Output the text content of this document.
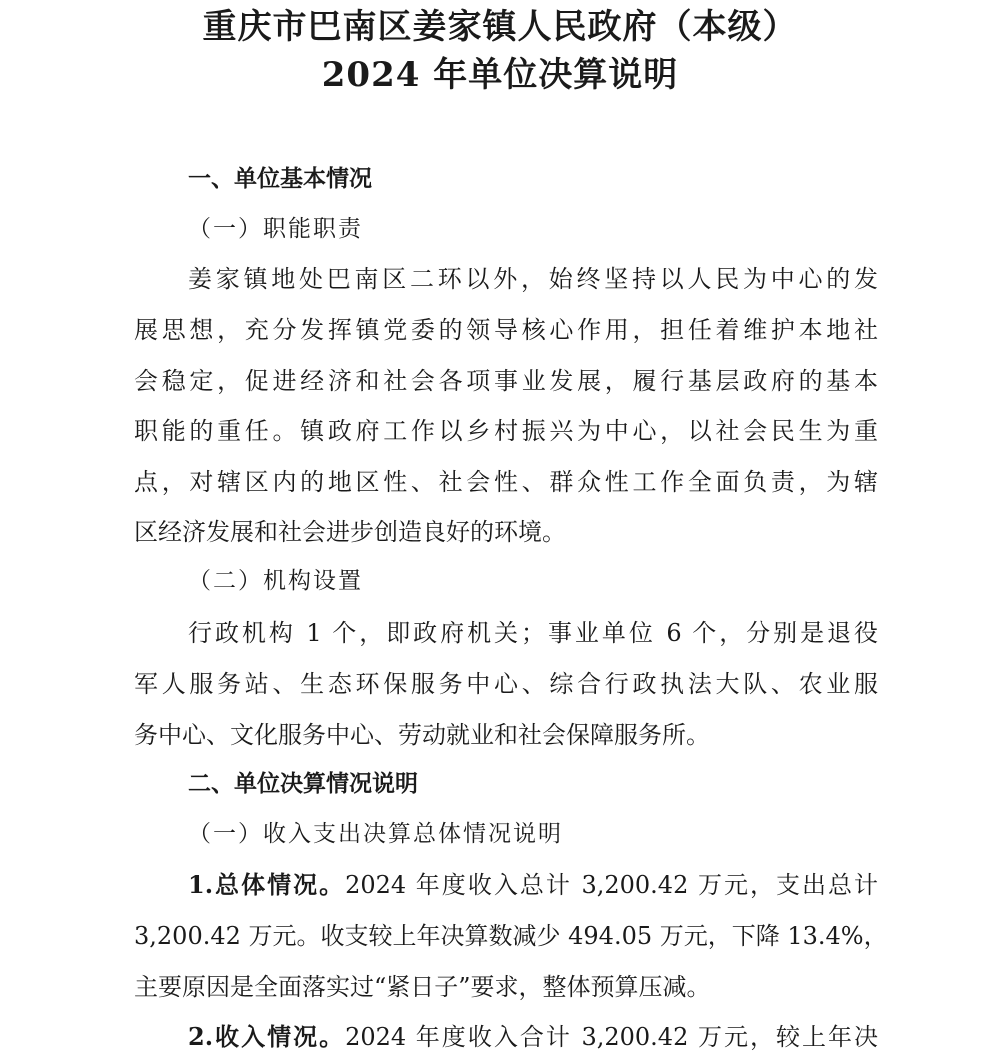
重庆市巴南区姜家镇人民政府（本级）
2024 年单位决算说明
一、单位基本情况
（一）职能职责
姜家镇地处巴南区二环以外，始终坚持以人民为中心的发
展思想，充分发挥镇党委的领导核心作用，担任着维护本地社
会稳定，促进经济和社会各项事业发展，履行基层政府的基本
职能的重任。镇政府工作以乡村振兴为中心，以社会民生为重
点，对辖区内的地区性、社会性、群众性工作全面负责，为辖
区经济发展和社会进步创造良好的环境。
（二）机构设置
行政机构 1 个，即政府机关；事业单位 6 个，分别是退役
军人服务站、生态环保服务中心、综合行政执法大队、农业服
务中心、文化服务中心、劳动就业和社会保障服务所。
二、单位决算情况说明
（一）收入支出决算总体情况说明
1.总体情况。2024 年度收入总计 3,200.42 万元，支出总计
3,200.42 万元。收支较上年决算数减少 494.05 万元，下降 13.4%，
主要原因是全面落实过“紧日子”要求，整体预算压减。
2.收入情况。2024 年度收入合计 3,200.42 万元，较上年决
